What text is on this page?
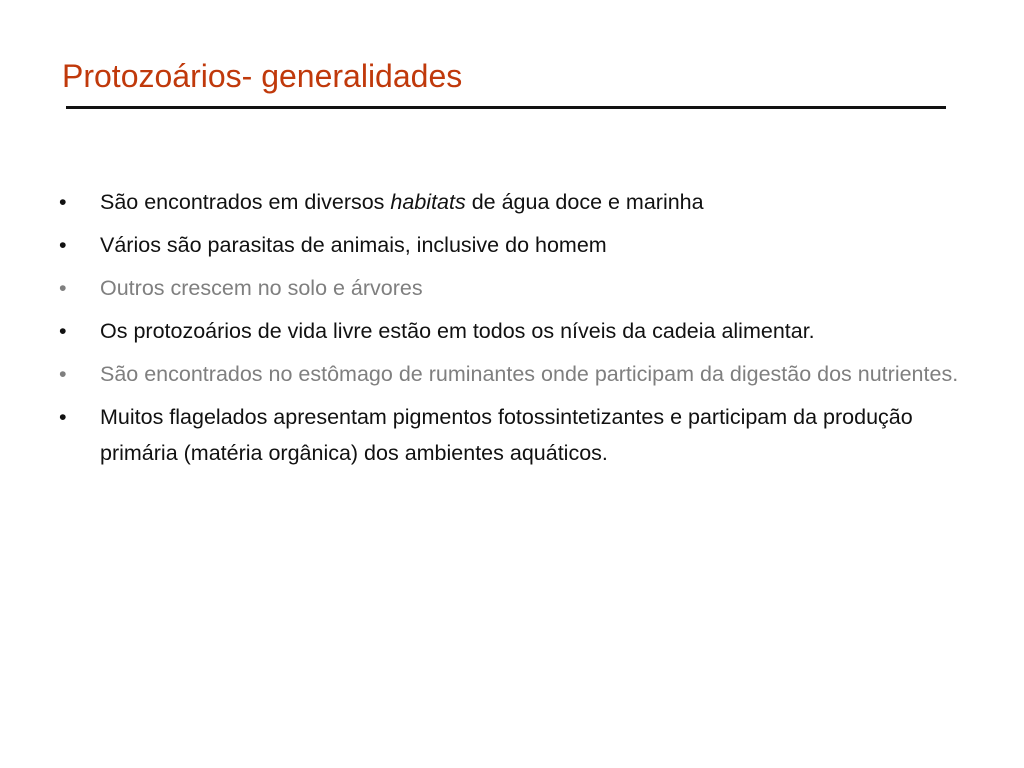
Protozoários- generalidades
• São encontrados em diversos habitats de água doce e marinha
• Vários são parasitas de animais, inclusive do homem
• Outros crescem no solo e árvores
• Os protozoários de vida livre estão em todos os níveis da cadeia alimentar.
• São encontrados no estômago de ruminantes onde participam da digestão dos nutrientes.
• Muitos flagelados apresentam pigmentos fotossintetizantes e participam da produção primária (matéria orgânica) dos ambientes aquáticos.
